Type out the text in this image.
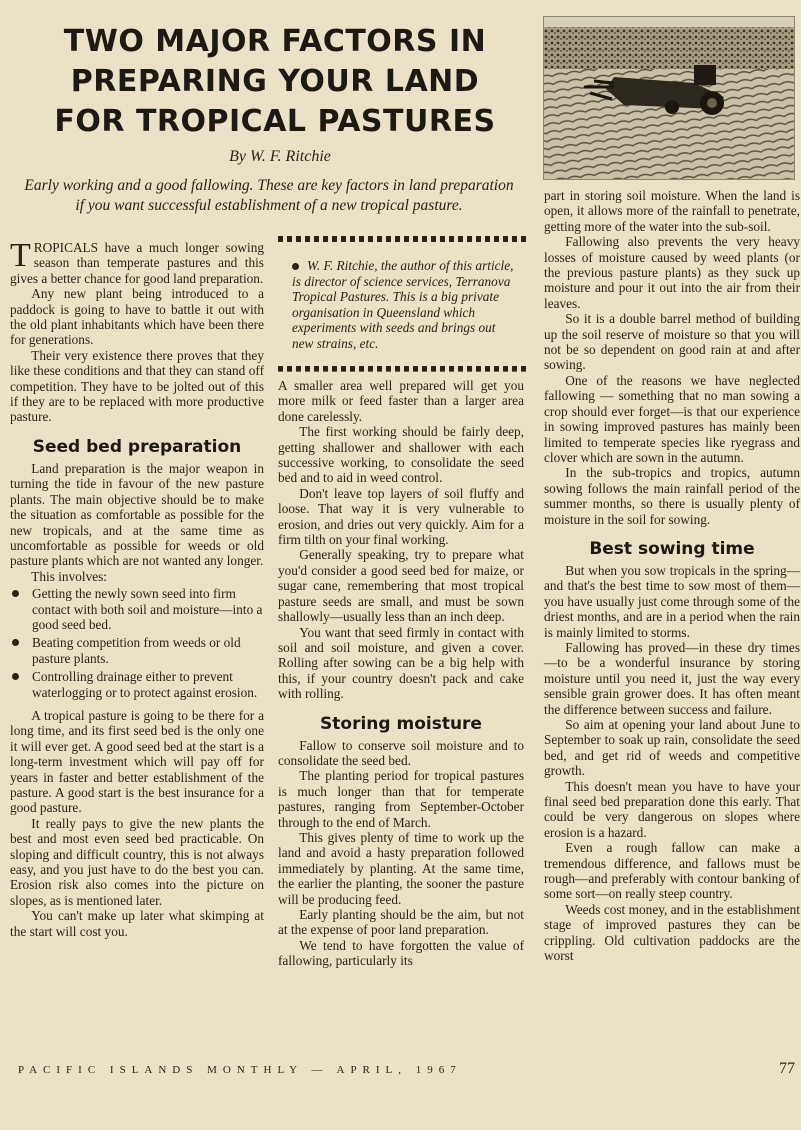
TWO MAJOR FACTORS IN
PREPARING YOUR LAND
FOR TROPICAL PASTURES

By W. F. Ritchie

Early working and a good fallowing. These are key factors in land preparation if you want successful establishment of a new tropical pasture.

TROPICALS have a much longer sowing season than temperate pastures and this gives a better chance for good land preparation.

Any new plant being introduced to a paddock is going to have to battle it out with the old plant inhabitants which have been there for generations.

Their very existence there proves that they like these conditions and that they can stand off competition. They have to be jolted out of this if they are to be replaced with more productive pasture.

Seed bed preparation

Land preparation is the major weapon in turning the tide in favour of the new pasture plants. The main objective should be to make the situation as comfortable as possible for the new tropicals, and at the same time as uncomfortable as possible for weeds or old pasture plants which are not wanted any longer.

This involves:

Getting the newly sown seed into firm contact with both soil and moisture—into a good seed bed.
Beating competition from weeds or old pasture plants.
Controlling drainage either to prevent waterlogging or to protect against erosion.

A tropical pasture is going to be there for a long time, and its first seed bed is the only one it will ever get. A good seed bed at the start is a long-term investment which will pay off for years in faster and better establishment of the pasture. A good start is the best insurance for a good pasture.

It really pays to give the new plants the best and most even seed bed practicable. On sloping and difficult country, this is not always easy, and you just have to do the best you can. Erosion risk also comes into the picture on slopes, as is mentioned later.

You can't make up later what skimping at the start will cost you.

W. F. Ritchie, the author of this article, is director of science services, Terranova Tropical Pastures. This is a big private organisation in Queensland which experiments with seeds and brings out new strains, etc.

A smaller area well prepared will get you more milk or feed faster than a larger area done carelessly.

The first working should be fairly deep, getting shallower and shallower with each successive working, to consolidate the seed bed and to aid in weed control.

Don't leave top layers of soil fluffy and loose. That way it is very vulnerable to erosion, and dries out very quickly. Aim for a firm tilth on your final working.

Generally speaking, try to prepare what you'd consider a good seed bed for maize, or sugar cane, remembering that most tropical pasture seeds are small, and must be sown shallowly—usually less than an inch deep.

You want that seed firmly in contact with soil and soil moisture, and given a cover. Rolling after sowing can be a big help with this, if your country doesn't pack and cake with rolling.

Storing moisture

Fallow to conserve soil moisture and to consolidate the seed bed.

The planting period for tropical pastures is much longer than that for temperate pastures, ranging from September-October through to the end of March.

This gives plenty of time to work up the land and avoid a hasty preparation followed immediately by planting. At the same time, the earlier the planting, the sooner the pasture will be producing feed.

Early planting should be the aim, but not at the expense of poor land preparation.

We tend to have forgotten the value of fallowing, particularly its

part in storing soil moisture. When the land is open, it allows more of the rainfall to penetrate, getting more of the water into the sub-soil.

Fallowing also prevents the very heavy losses of moisture caused by weed plants (or the previous pasture plants) as they suck up moisture and pour it out into the air from their leaves.

So it is a double barrel method of building up the soil reserve of moisture so that you will not be so dependent on good rain at and after sowing.

One of the reasons we have neglected fallowing — something that no man sowing a crop should ever forget—is that our experience in sowing improved pastures has mainly been limited to temperate species like ryegrass and clover which are sown in the autumn.

In the sub-tropics and tropics, autumn sowing follows the main rainfall period of the summer months, so there is usually plenty of moisture in the soil for sowing.

Best sowing time

But when you sow tropicals in the spring—and that's the best time to sow most of them—you have usually just come through some of the driest months, and are in a period when the rain is mainly limited to storms.

Fallowing has proved—in these dry times—to be a wonderful insurance by storing moisture until you need it, just the way every sensible grain grower does. It has often meant the difference between success and failure.

So aim at opening your land about June to September to soak up rain, consolidate the seed bed, and get rid of weeds and competitive growth.

This doesn't mean you have to have your final seed bed preparation done this early. That could be very dangerous on slopes where erosion is a hazard.

Even a rough fallow can make a tremendous difference, and fallows must be rough—and preferably with contour banking of some sort—on really steep country.

Weeds cost money, and in the establishment stage of improved pastures they can be crippling. Old cultivation paddocks are the worst

PACIFIC ISLANDS MONTHLY — APRIL, 1967	77
